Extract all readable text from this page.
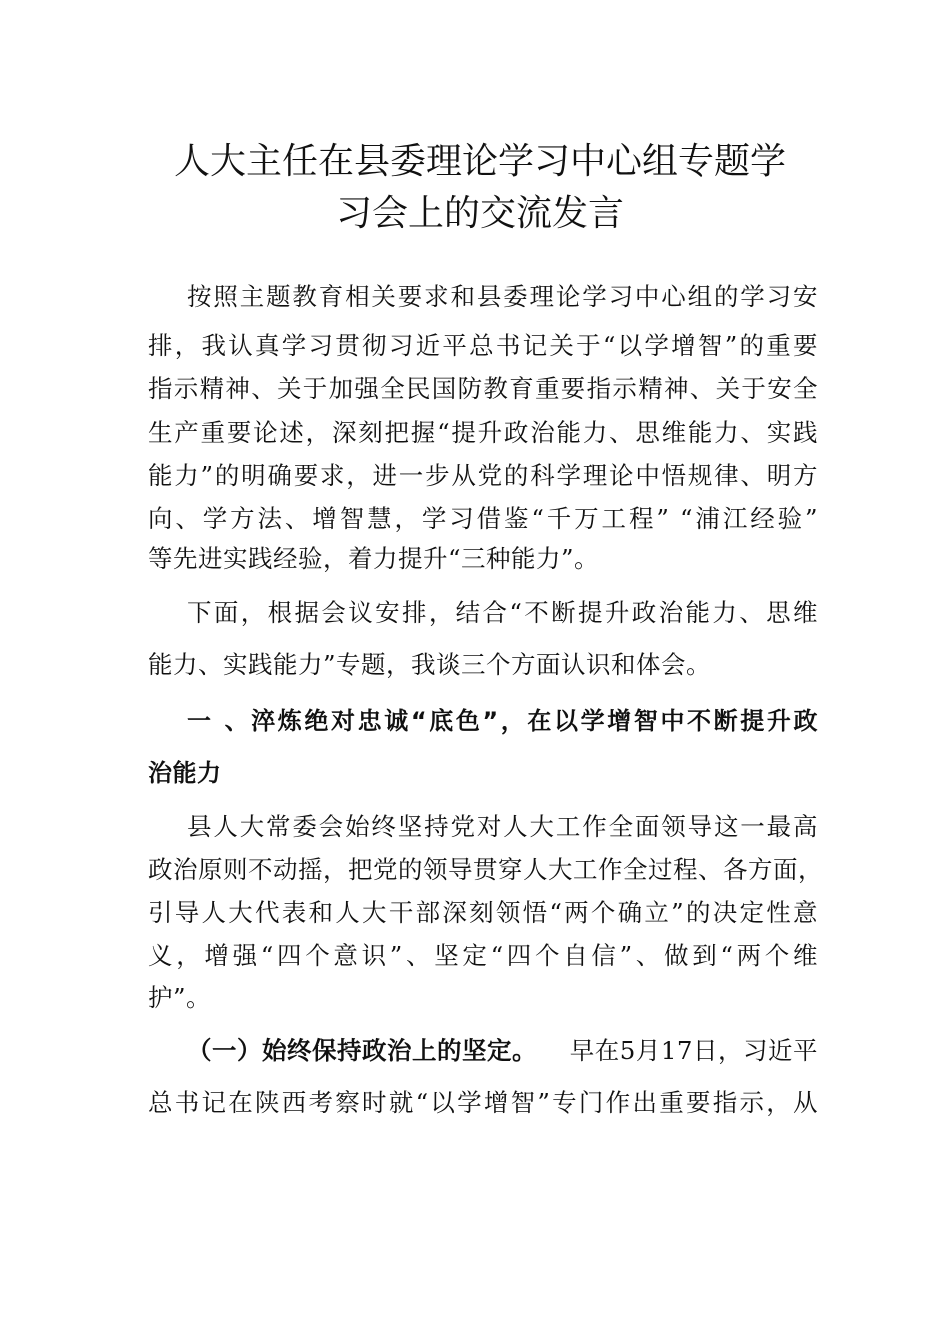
人大主任在县委理论学习中心组专题学
习会上的交流发言
按照主题教育相关要求和县委理论学习中心组的学习安
排，我认真学习贯彻习近平总书记关于“以学增智”的重要
指示精神、关于加强全民国防教育重要指示精神、关于安全
生产重要论述，深刻把握“提升政治能力、思维能力、实践
能力”的明确要求，进一步从党的科学理论中悟规律、明方
向、学方法、增智慧，学习借鉴“千万工程” “浦江经验”
等先进实践经验，着力提升“三种能力”。
下面，根据会议安排，结合“不断提升政治能力、思维
能力、实践能力”专题，我谈三个方面认识和体会。
一 、淬炼绝对忠诚“底色”，在以学增智中不断提升政
治能力
县人大常委会始终坚持党对人大工作全面领导这一最高
政治原则不动摇，把党的领导贯穿人大工作全过程、各方面，
引导人大代表和人大干部深刻领悟“两个确立”的决定性意
义，增强“四个意识”、坚定“四个自信”、做到“两个维
护”。
（一）始终保持政治上的坚定。 早在5月17日，习近平
总书记在陕西考察时就“以学增智”专门作出重要指示，从
